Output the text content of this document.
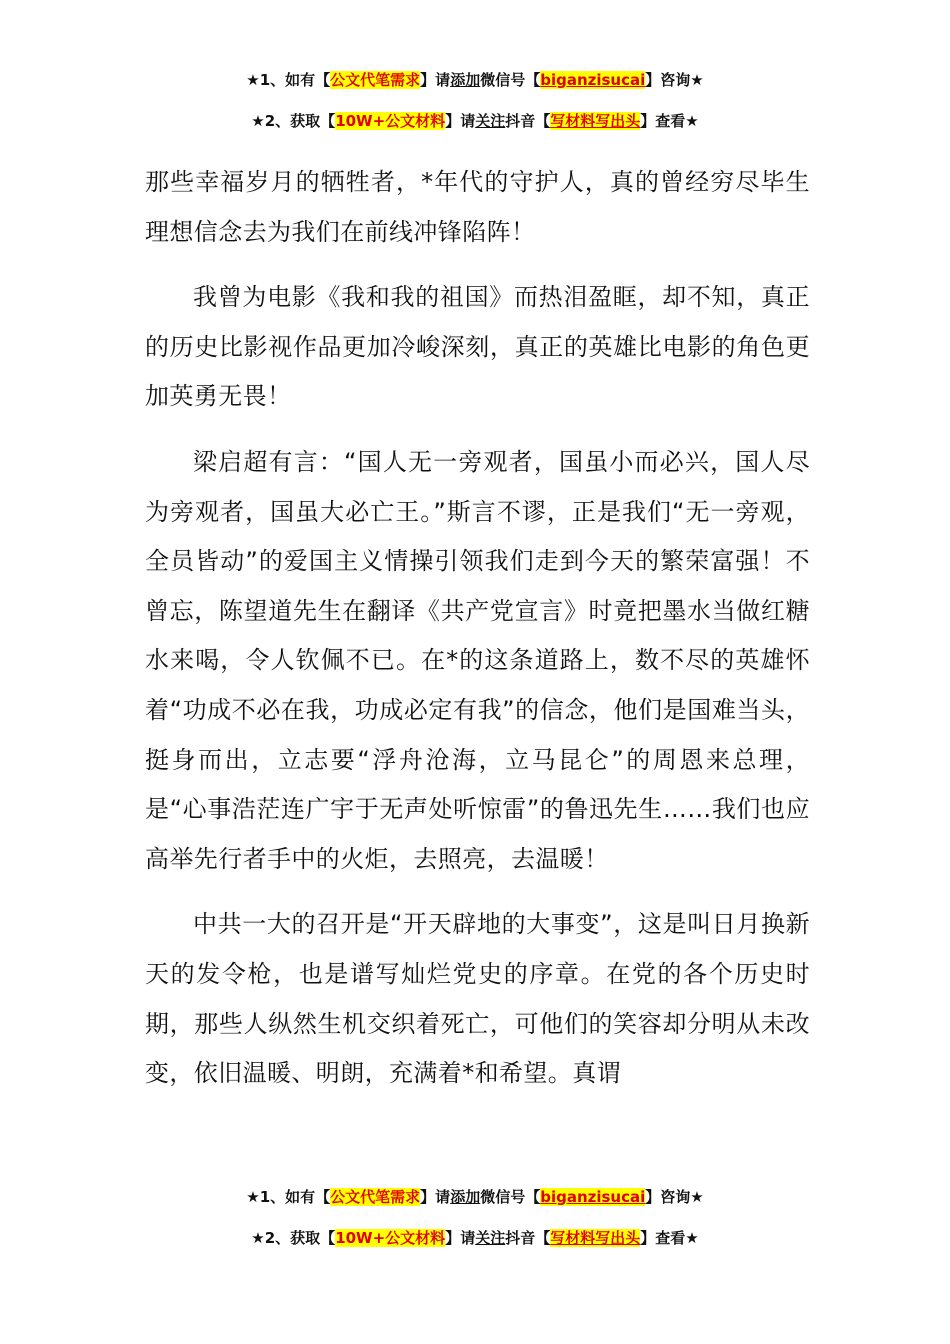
★1、如有【公文代笔需求】请添加微信号【biganzisucai】咨询★
★2、获取【10W+公文材料】请关注抖音【写材料写出头】查看★

那些幸福岁月的牺牲者，*年代的守护人，真的曾经穷尽毕生理想信念去为我们在前线冲锋陷阵！

我曾为电影《我和我的祖国》而热泪盈眶，却不知，真正的历史比影视作品更加冷峻深刻，真正的英雄比电影的角色更加英勇无畏！

梁启超有言：“国人无一旁观者，国虽小而必兴，国人尽为旁观者，国虽大必亡王。”斯言不谬，正是我们“无一旁观，全员皆动”的爱国主义情操引领我们走到今天的繁荣富强！不曾忘，陈望道先生在翻译《共产党宣言》时竟把墨水当做红糖水来喝，令人钦佩不已。在*的这条道路上，数不尽的英雄怀着“功成不必在我，功成必定有我”的信念，他们是国难当头，挺身而出，立志要“浮舟沧海，立马昆仑”的周恩来总理，是“心事浩茫连广宇于无声处听惊雷”的鲁迅先生……我们也应高举先行者手中的火炬，去照亮，去温暖！

中共一大的召开是“开天辟地的大事变”，这是叫日月换新天的发令枪，也是谱写灿烂党史的序章。在党的各个历史时期，那些人纵然生机交织着死亡，可他们的笑容却分明从未改变，依旧温暖、明朗，充满着*和希望。真谓

★1、如有【公文代笔需求】请添加微信号【biganzisucai】咨询★
★2、获取【10W+公文材料】请关注抖音【写材料写出头】查看★
